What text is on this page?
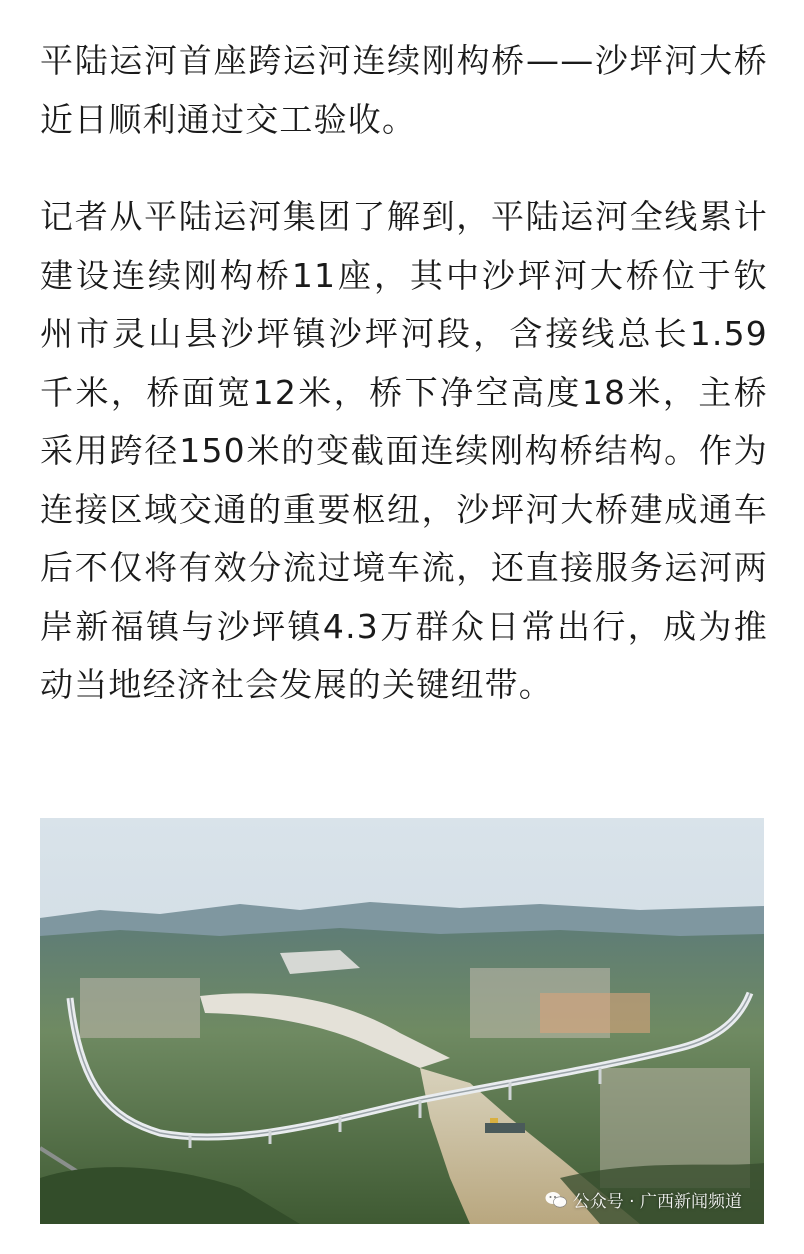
平陆运河首座跨运河连续刚构桥——沙坪河大桥近日顺利通过交工验收。

记者从平陆运河集团了解到，平陆运河全线累计建设连续刚构桥11座，其中沙坪河大桥位于钦州市灵山县沙坪镇沙坪河段，含接线总长1.59千米，桥面宽12米，桥下净空高度18米，主桥采用跨径150米的变截面连续刚构桥结构。作为连接区域交通的重要枢纽，沙坪河大桥建成通车后不仅将有效分流过境车流，还直接服务运河两岸新福镇与沙坪镇4.3万群众日常出行，成为推动当地经济社会发展的关键纽带。

公众号 · 广西新闻频道
